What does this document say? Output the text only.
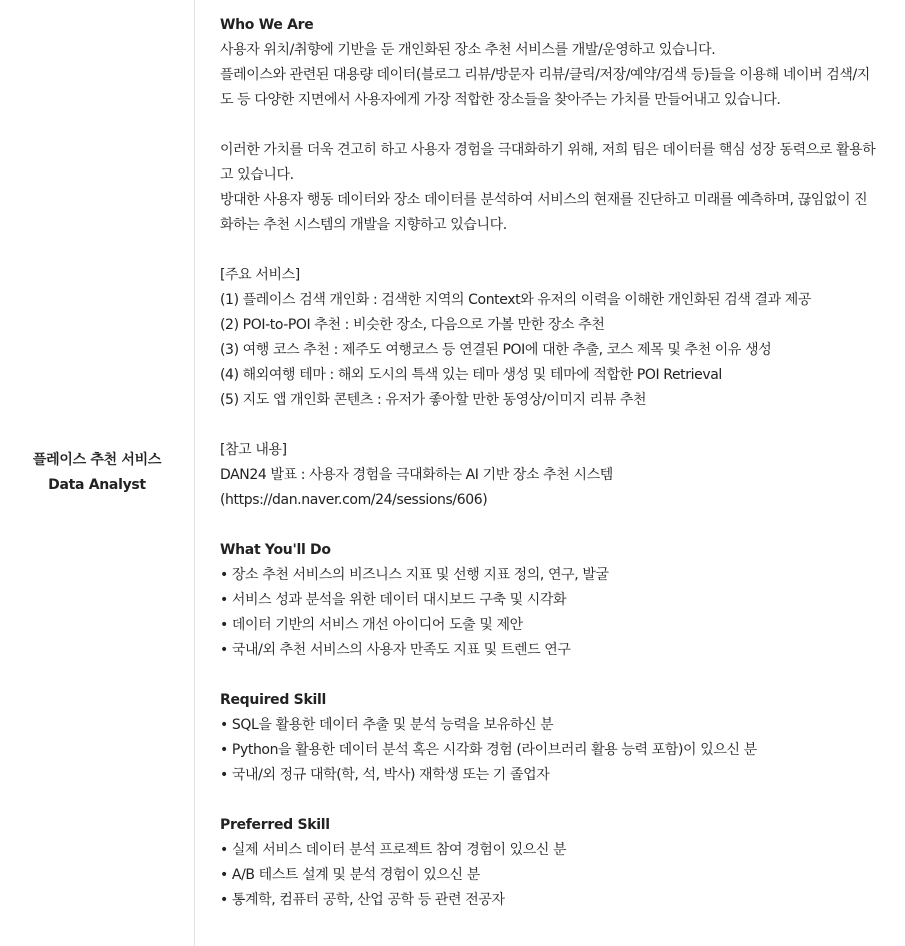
플레이스 추천 서비스
Data Analyst

Who We Are

사용자 위치/취향에 기반을 둔 개인화된 장소 추천 서비스를 개발/운영하고 있습니다.

플레이스와 관련된 대용량 데이터(블로그 리뷰/방문자 리뷰/클릭/저장/예약/검색 등)들을 이용해 네이버 검색/지도 등 다양한 지면에서 사용자에게 가장 적합한 장소들을 찾아주는 가치를 만들어내고 있습니다.

이러한 가치를 더욱 견고히 하고 사용자 경험을 극대화하기 위해, 저희 팀은 데이터를 핵심 성장 동력으로 활용하고 있습니다.

방대한 사용자 행동 데이터와 장소 데이터를 분석하여 서비스의 현재를 진단하고 미래를 예측하며, 끊임없이 진화하는 추천 시스템의 개발을 지향하고 있습니다.

[주요 서비스]

(1) 플레이스 검색 개인화 : 검색한 지역의 Context와 유저의 이력을 이해한 개인화된 검색 결과 제공

(2) POI-to-POI 추천 : 비슷한 장소, 다음으로 가볼 만한 장소 추천

(3) 여행 코스 추천 : 제주도 여행코스 등 연결된 POI에 대한 추출, 코스 제목 및 추천 이유 생성

(4) 해외여행 테마 : 해외 도시의 특색 있는 테마 생성 및 테마에 적합한 POI Retrieval

(5) 지도 앱 개인화 콘텐츠 : 유저가 좋아할 만한 동영상/이미지 리뷰 추천

[참고 내용]

DAN24 발표 : 사용자 경험을 극대화하는 AI 기반 장소 추천 시스템

(https://dan.naver.com/24/sessions/606)

What You'll Do

• 장소 추천 서비스의 비즈니스 지표 및 선행 지표 정의, 연구, 발굴
• 서비스 성과 분석을 위한 데이터 대시보드 구축 및 시각화
• 데이터 기반의 서비스 개선 아이디어 도출 및 제안
• 국내/외 추천 서비스의 사용자 만족도 지표 및 트렌드 연구

Required Skill

• SQL을 활용한 데이터 추출 및 분석 능력을 보유하신 분
• Python을 활용한 데이터 분석 혹은 시각화 경험 (라이브러리 활용 능력 포함)이 있으신 분
• 국내/외 정규 대학(학, 석, 박사) 재학생 또는 기 졸업자

Preferred Skill

• 실제 서비스 데이터 분석 프로젝트 참여 경험이 있으신 분
• A/B 테스트 설계 및 분석 경험이 있으신 분
• 통계학, 컴퓨터 공학, 산업 공학 등 관련 전공자
